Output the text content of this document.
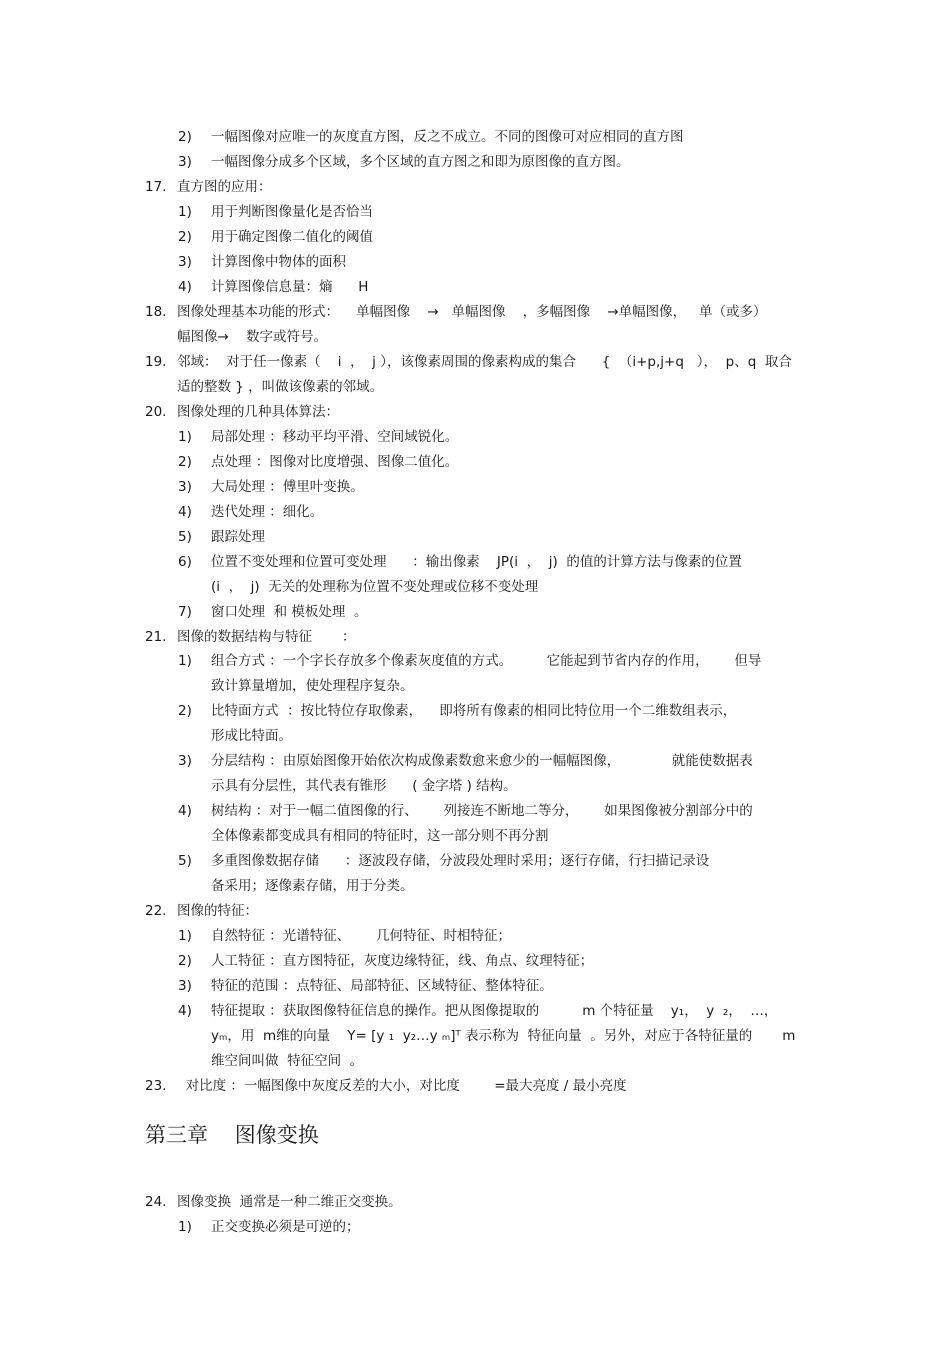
2) 一幅图像对应唯一的灰度直方图，反之不成立。不同的图像可对应相同的直方图
3) 一幅图像分成多个区域，多个区域的直方图之和即为原图像的直方图。
17. 直方图的应用：
1) 用于判断图像量化是否恰当
2) 用于确定图像二值化的阈值
3) 计算图像中物体的面积
4) 计算图像信息量：熵      H
18. 图像处理基本功能的形式：    单幅图像    →   单幅图像    ，多幅图像    →单幅图像，   单（或多）
幅图像→    数字或符号。
19. 邻域：  对于任一像素（    i  ，  j ），该像素周围的像素构成的集合      {  （i+p,j+q   ），  p、q  取合
适的整数 } ，叫做该像素的邻域。
20. 图像处理的几种具体算法：
1) 局部处理 ：移动平均平滑、空间域锐化。
2) 点处理 ：图像对比度增强、图像二值化。
3) 大局处理 ：傅里叶变换。
4) 迭代处理 ：细化。
5) 跟踪处理
6) 位置不变处理和位置可变处理      ：输出像素    JP(i  ，  j)  的值的计算方法与像素的位置
(i  ，  j)  无关的处理称为位置不变处理或位移不变处理
7) 窗口处理  和 模板处理  。
21. 图像的数据结构与特征       ：
1) 组合方式 ：一个字长存放多个像素灰度值的方式。        它能起到节省内存的作用，      但导
致计算量增加，使处理程序复杂。
2) 比特面方式  ：按比特位存取像素，    即将所有像素的相同比特位用一个二维数组表示，
形成比特面。
3) 分层结构 ：由原始图像开始依次构成像素数愈来愈少的一幅幅图像，            就能使数据表
示具有分层性，其代表有锥形      ( 金字塔 ) 结构。
4) 树结构 ：对于一幅二值图像的行、      列接连不断地二等分，      如果图像被分割部分中的
全体像素都变成具有相同的特征时，这一部分则不再分割
5) 多重图像数据存储      ：逐波段存储，分波段处理时采用；逐行存储，行扫描记录设
备采用；逐像素存储，用于分类。
22. 图像的特征：
1) 自然特征 ：光谱特征、      几何特征、时相特征；
2) 人工特征 ：直方图特征，灰度边缘特征，线、角点、纹理特征；
3) 特征的范围 ：点特征、局部特征、区域特征、整体特征。
4) 特征提取 ：获取图像特征信息的操作。把从图像提取的          m 个特征量    y₁，  y  ₂，  …，
yₘ，用  m维的向量    Y= [y ₁  y₂…y ₘ]ᵀ 表示称为  特征向量  。另外，对应于各特征量的       m
维空间叫做  特征空间  。
23. 对比度 ：一幅图像中灰度反差的大小，对比度        =最大亮度 / 最小亮度
第三章    图像变换
24. 图像变换  通常是一种二维正交变换。
1) 正交变换必须是可逆的；
